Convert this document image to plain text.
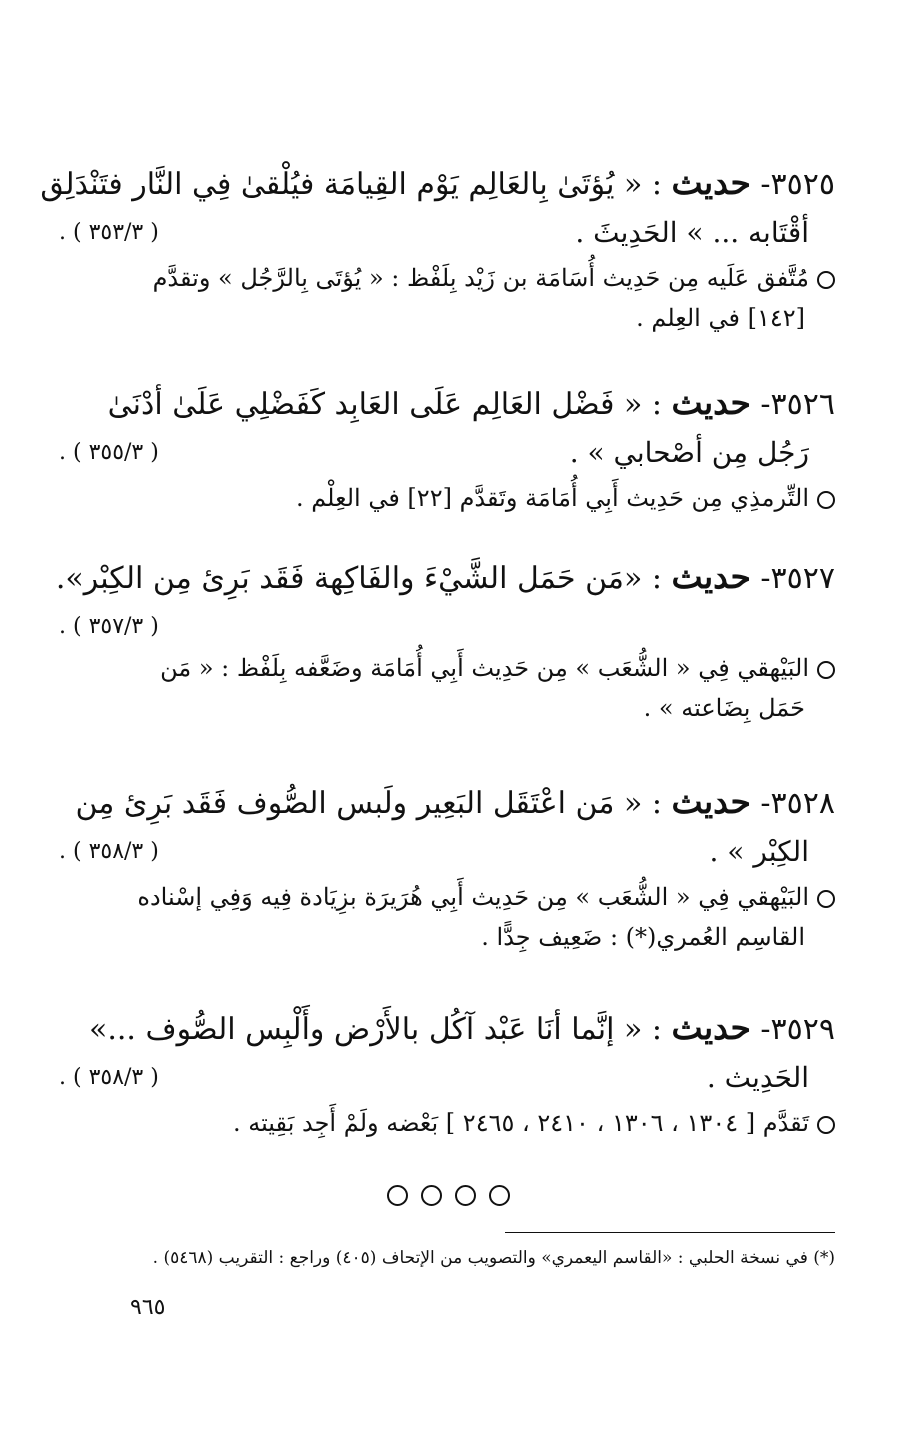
٣٥٢٥- حديث : « يُؤتَىٰ بِالعَالِم يَوْم القِيامَة فيُلْقىٰ فِي النَّار فتَنْدَلِق
أقْتَابه ... » الحَدِيثَ .
( ٣٥٣/٣ ) .
مُتَّفق عَلَيه مِن حَدِيث أُسَامَة بن زَيْد بِلَفْظ : « يُؤتَى بِالرَّجُل » وتقدَّم
[١٤٢] في العِلم .
٣٥٢٦- حديث : « فَضْل العَالِم عَلَى العَابِد كَفَضْلِي عَلَىٰ أدْنَىٰ
رَجُل مِن أصْحابي » .
( ٣٥٥/٣ ) .
التِّرمذِي مِن حَدِيث أَبِي أُمَامَة وتَقدَّم [٢٢] في العِلْم .
٣٥٢٧- حديث : «مَن حَمَل الشَّيْءَ والفَاكِهة فَقَد بَرِئ مِن الكِبْر».
( ٣٥٧/٣ ) .
البَيْهقي فِي « الشُّعَب » مِن حَدِيث أَبِي أُمَامَة وضَعَّفه بِلَفْظ : « مَن
حَمَل بِضَاعته » .
٣٥٢٨- حديث : « مَن اعْتَقَل البَعِير ولَبس الصُّوف فَقَد بَرِئ مِن
الكِبْر » .
( ٣٥٨/٣ ) .
البَيْهقي فِي « الشُّعَب » مِن حَدِيث أَبِي هُرَيرَة بزِيَادة فِيه وَفِي إسْناده
القاسِم العُمري(*) : ضَعِيف جِدًّا .
٣٥٢٩- حديث : « إنَّما أنَا عَبْد آكُل بالأَرْض وأَلْبِس الصُّوف ...»
الحَدِيث .
( ٣٥٨/٣ ) .
تَقدَّم [ ١٣٠٤ ، ١٣٠٦ ، ٢٤١٠ ، ٢٤٦٥ ] بَعْضه ولَمْ أَجِد بَقِيته .

(*) في نسخة الحلبي : «القاسم اليعمري» والتصويب من الإتحاف (٤٠٥) وراجع : التقريب (٥٤٦٨) .
٩٦٥
